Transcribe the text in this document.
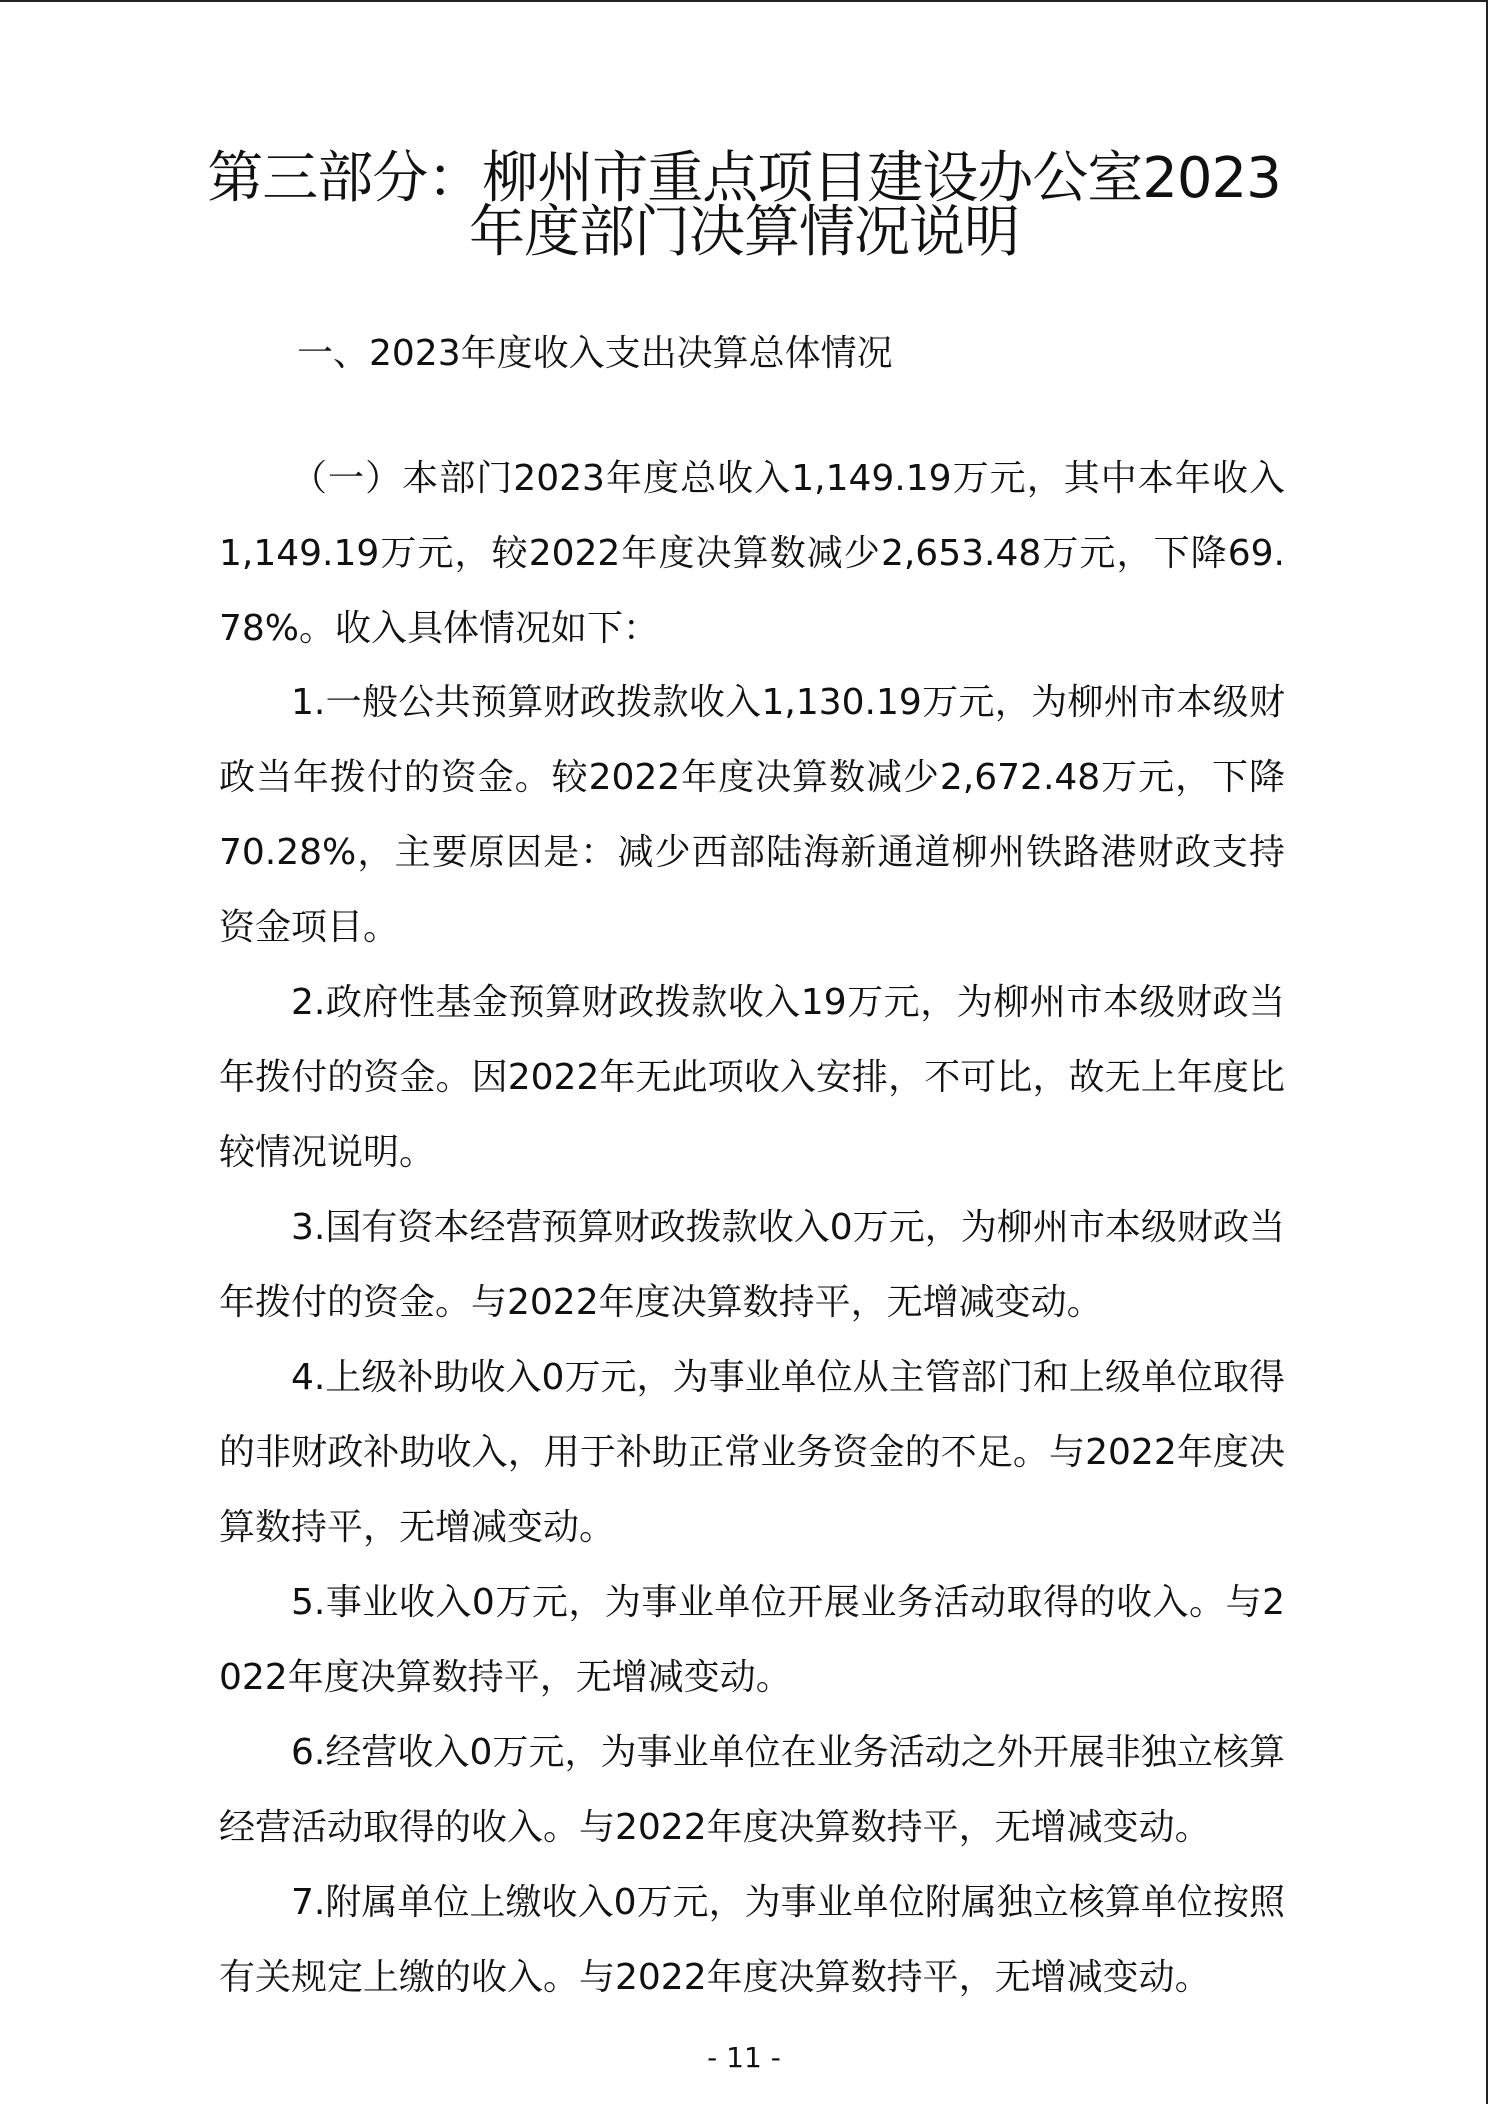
第三部分：柳州市重点项目建设办公室2023
年度部门决算情况说明
一、2023年度收入支出决算总体情况

（一）本部门2023年度总收入1,149.19万元，其中本年收入1,149.19万元，较2022年度决算数减少2,653.48万元，下降69.78%。收入具体情况如下：

1.一般公共预算财政拨款收入1,130.19万元，为柳州市本级财政当年拨付的资金。较2022年度决算数减少2,672.48万元，下降70.28%，主要原因是：减少西部陆海新通道柳州铁路港财政支持资金项目。

2.政府性基金预算财政拨款收入19万元，为柳州市本级财政当年拨付的资金。因2022年无此项收入安排，不可比，故无上年度比较情况说明。

3.国有资本经营预算财政拨款收入0万元，为柳州市本级财政当年拨付的资金。与2022年度决算数持平，无增减变动。

4.上级补助收入0万元，为事业单位从主管部门和上级单位取得的非财政补助收入，用于补助正常业务资金的不足。与2022年度决算数持平，无增减变动。

5.事业收入0万元，为事业单位开展业务活动取得的收入。与2022年度决算数持平，无增减变动。

6.经营收入0万元，为事业单位在业务活动之外开展非独立核算经营活动取得的收入。与2022年度决算数持平，无增减变动。

7.附属单位上缴收入0万元，为事业单位附属独立核算单位按照有关规定上缴的收入。与2022年度决算数持平，无增减变动。

- 11 -
